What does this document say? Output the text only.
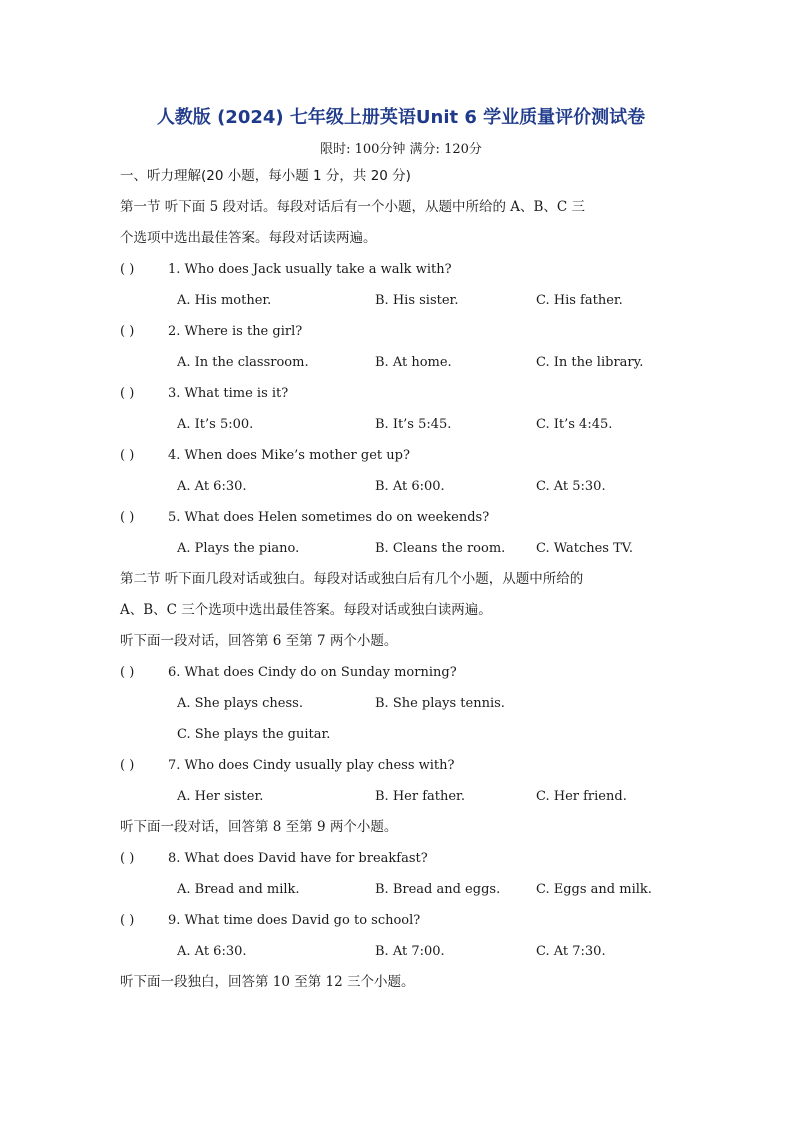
人教版 (2024) 七年级上册英语Unit 6 学业质量评价测试卷
限时: 100分钟 满分: 120分
一、听力理解(20 小题，每小题 1 分，共 20 分)
第一节 听下面 5 段对话。每段对话后有一个小题，从题中所给的 A、B、C 三
个选项中选出最佳答案。每段对话读两遍。
( )	1. Who does Jack usually take a walk with?
A. His mother.	B. His sister.	C. His father.
( )	2. Where is the girl?
A. In the classroom.	B. At home.	C. In the library.
( )	3. What time is it?
A. It’s 5:00.	B. It’s 5:45.	C. It’s 4:45.
( )	4. When does Mike’s mother get up?
A. At 6:30.	B. At 6:00.	C. At 5:30.
( )	5. What does Helen sometimes do on weekends?
A. Plays the piano.	B. Cleans the room. C. Watches TV.
第二节 听下面几段对话或独白。每段对话或独白后有几个小题，从题中所给的
A、B、C 三个选项中选出最佳答案。每段对话或独白读两遍。
听下面一段对话，回答第 6 至第 7 两个小题。
( )	6. What does Cindy do on Sunday morning?
A. She plays chess.	B. She plays tennis.
C. She plays the guitar.
( )	7. Who does Cindy usually play chess with?
A. Her sister.	B. Her father.	C. Her friend.
听下面一段对话，回答第 8 至第 9 两个小题。
( )	8. What does David have for breakfast?
A. Bread and milk.	B. Bread and eggs.	C. Eggs and milk.
( )	9. What time does David go to school?
A. At 6:30.	B. At 7:00.	C. At 7:30.
听下面一段独白，回答第 10 至第 12 三个小题。
